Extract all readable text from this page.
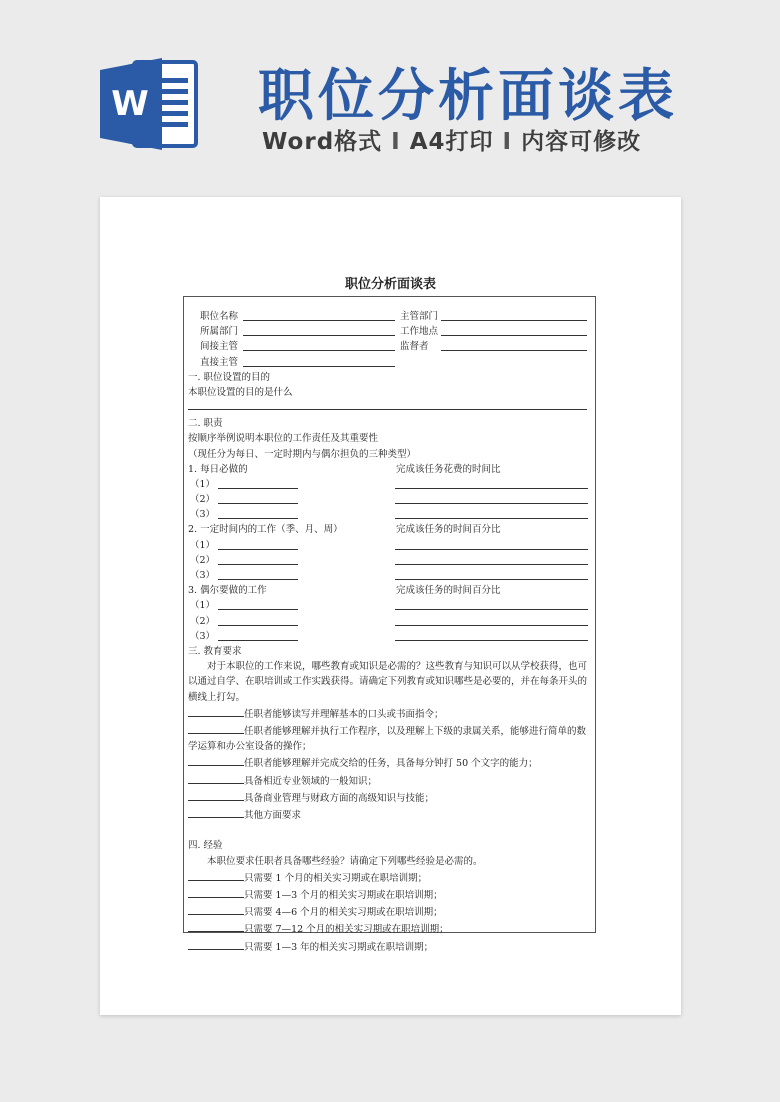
W 职位分析面谈表
Word格式 I A4打印 I 内容可修改
职位分析面谈表
职位名称	主管部门
所属部门	工作地点
间接主管	监督者
直接主管
一. 职位设置的目的
本职位设置的目的是什么
二. 职责
按顺序举例说明本职位的工作责任及其重要性
（现任分为每日、一定时期内与偶尔担负的三种类型）
1. 每日必做的	完成该任务花费的时间比
（1）
（2）
（3）
2. 一定时间内的工作（季、月、周）	完成该任务的时间百分比
（1）
（2）
（3）
3. 偶尔要做的工作	完成该任务的时间百分比
（1）
（2）
（3）
三. 教育要求
对于本职位的工作来说，哪些教育或知识是必需的？这些教育与知识可以从学校获得，也可以通过自学、在职培训或工作实践获得。请确定下列教育或知识哪些是必要的，并在每条开头的横线上打勾。
任职者能够读写并理解基本的口头或书面指令；
任职者能够理解并执行工作程序，以及理解上下级的隶属关系，能够进行简单的数学运算和办公室设备的操作；
任职者能够理解并完成交给的任务，具备每分钟打 50 个文字的能力；
具备相近专业领域的一般知识；
具备商业管理与财政方面的高级知识与技能；
其他方面要求
四. 经验
本职位要求任职者具备哪些经验？请确定下列哪些经验是必需的。
只需要 1 个月的相关实习期或在职培训期；
只需要 1—3 个月的相关实习期或在职培训期；
只需要 4—6 个月的相关实习期或在职培训期；
只需要 7—12 个月的相关实习期或在职培训期；
只需要 1—3 年的相关实习期或在职培训期；
